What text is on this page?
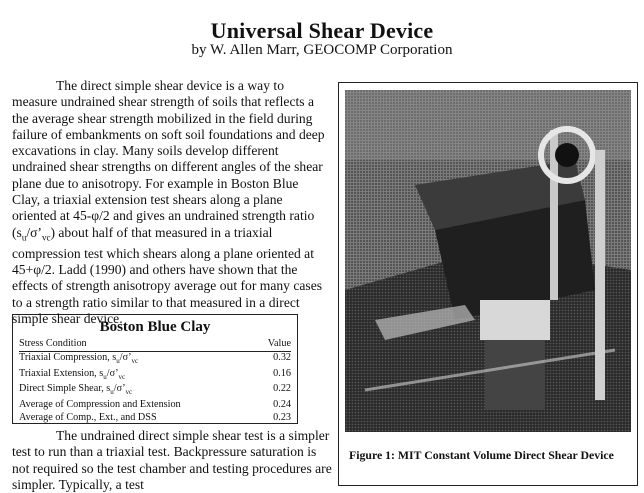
Universal Shear Device
by W. Allen Marr, GEOCOMP Corporation

The direct simple shear device is a way to measure undrained shear strength of soils that reflects a the average shear strength mobilized in the field during failure of embankments on soft soil foundations and deep excavations in clay. Many soils develop different undrained shear strengths on different angles of the shear plane due to anisotropy. For example in Boston Blue Clay, a triaxial extension test shears along a plane oriented at 45-φ/2 and gives an undrained strength ratio $(s_u/\sigma’_{vc})$ about half of that measured in a triaxial compression test which shears along a plane oriented at 45+φ/2. Ladd (1990) and others have shown that the effects of strength anisotropy average out for many cases to a strength ratio similar to that measured in a direct simple shear device.

Boston Blue Clay
Stress Condition	Value
Triaxial Compression, $s_u/\sigma’_{vc}$	0.32
Triaxial Extension, $s_u/\sigma’_{vc}$	0.16
Direct Simple Shear, $s_u/\sigma’_{vc}$	0.22
Average of Compression and Extension	0.24
Average of Comp., Ext., and DSS	0.23
The undrained direct simple shear test is a simpler test to run than a triaxial test. Backpressure saturation is not required so the test chamber and testing procedures are simpler. Typically, a test
Figure 1: MIT Constant Volume Direct Shear Device
